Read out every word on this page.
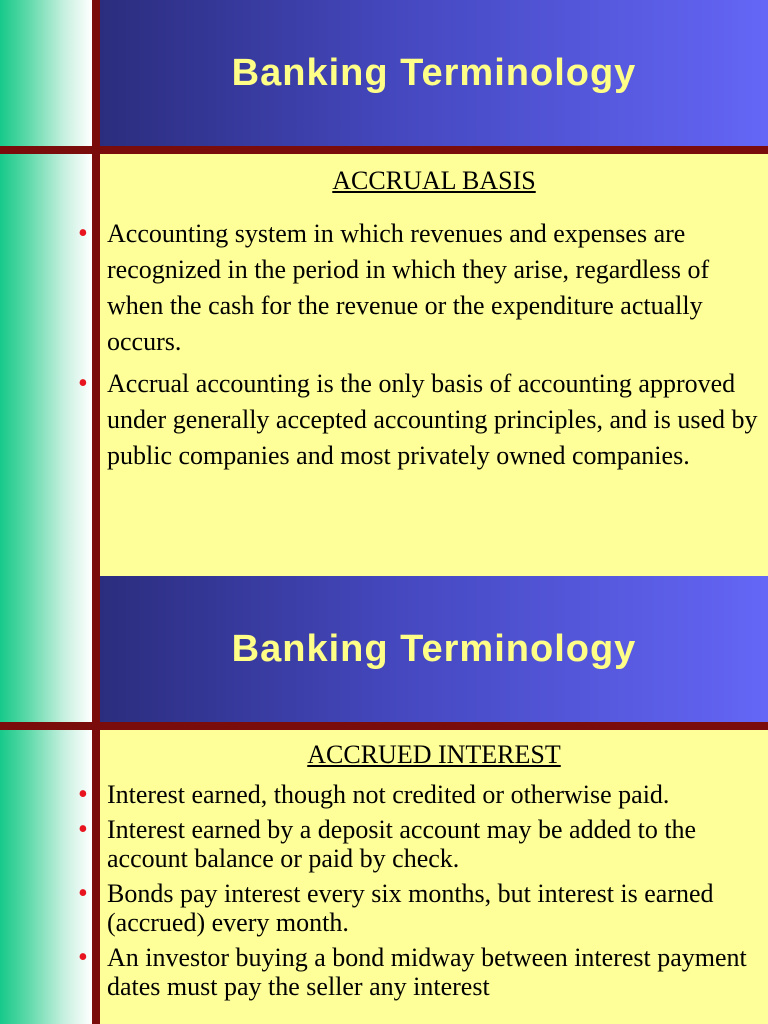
Banking Terminology
ACCRUAL BASIS
• Accounting system in which revenues and expenses are recognized in the period in which they arise, regardless of when the cash for the revenue or the expenditure actually occurs.
• Accrual accounting is the only basis of accounting approved under generally accepted accounting principles, and is used by public companies and most privately owned companies.
Banking Terminology
ACCRUED INTEREST
• Interest earned, though not credited or otherwise paid.
• Interest earned by a deposit account may be added to the account balance or paid by check.
• Bonds pay interest every six months, but interest is earned (accrued) every month.
• An investor buying a bond midway between interest payment dates must pay the seller any interest
